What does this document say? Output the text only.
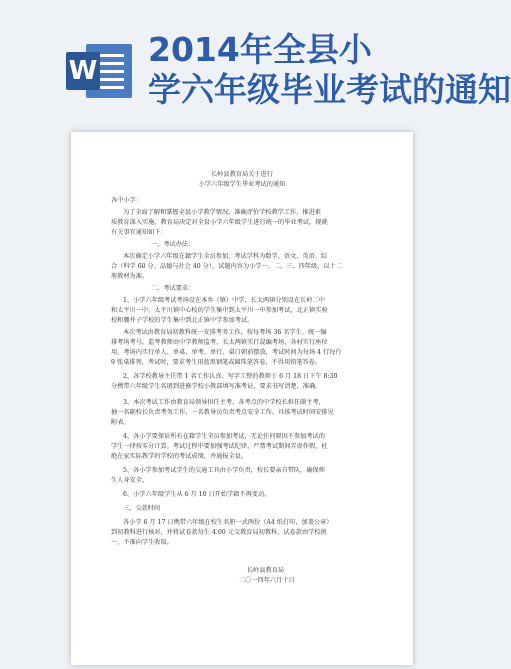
W
2014年全县小
学六年级毕业考试的通知
长岭县教育局关于进行
小学六年级学生毕业考试的通知
各中小学：
为了全面了解和掌握全县小学教学情况，准确评价学校教学工作，推进素
质教育深入实施，教育局决定对全县小学六年级学生进行统一的毕业考试，现就
有关事宜通知如下：
一、考试办法：
本次确定小学六年级在籍学生全员参加，考试学科为数学、语文、英语、综
合（科学 60 分、品德与社会 40 分），试题内容为小学一、二、三、四年级，以十二
册教材为准。
二、考试要求：
1、小学六年级考试考场设在本乡（镇）中学，长太两镇分别设在长岭二中
和太平川一中。太平川镇中心校的学生集中到太平川一中参加考试，北正镇实验
校和腰井子学校的学生集中到北正镇中学参加考试。
本次考试由教育局初教科统一安排考务工作，按每考场 36 名学生，统一编
排考场考号。监考教师由中学教师监考，长太两镇实行混编考场，各村实行座位
用。考场内实行单人、单桌、单考、单行、桌口朝前摆放，考试时间为每场 4 行每行
9 张桌排列，考试时，要求考生用蓝黑钢笔或圆珠笔答卷，不得用铅笔答卷。
2、各学校教导主任带 1 名工作认真、写字工整的教师于 6 月 18 日下午 8:30
分携带六年级学生名册到进修学校小教部填写准考证，要求书写清楚、准确。
3、本次考试工作由教育局领导担任主考，各考点的中学校长担任副主考，
抽一名副校长负责考务工作，一名教导员负责考点安全工作。具体考试时间安排见
附表。
4、各小学要保证所有在籍学生全员参加考试，无论任何原因不参加考试的
学生一律按零分计算。考试过程中要加强考试纪律，严禁考试期间弄虚作假，杜
绝在家实际教学的学校的考试成绩，并通报全县。
5、各小学参加考试学生的交通工具由小学负责，校长要亲自带队，确保师
生人身安全。
6、小学六年级学生从 6 月 10 日开始学籍不再变动。
三、交款时间
各小学 6 月 17 日携带六年级在校生名册一式两份（A4 纸打印，加盖公章）
到初教科进行核对，并将试卷款每生 4.00 元交教育局初教科，试卷款由学校统
一，不准向学生收取。
长岭县教育局
二〇一四年六月十日
